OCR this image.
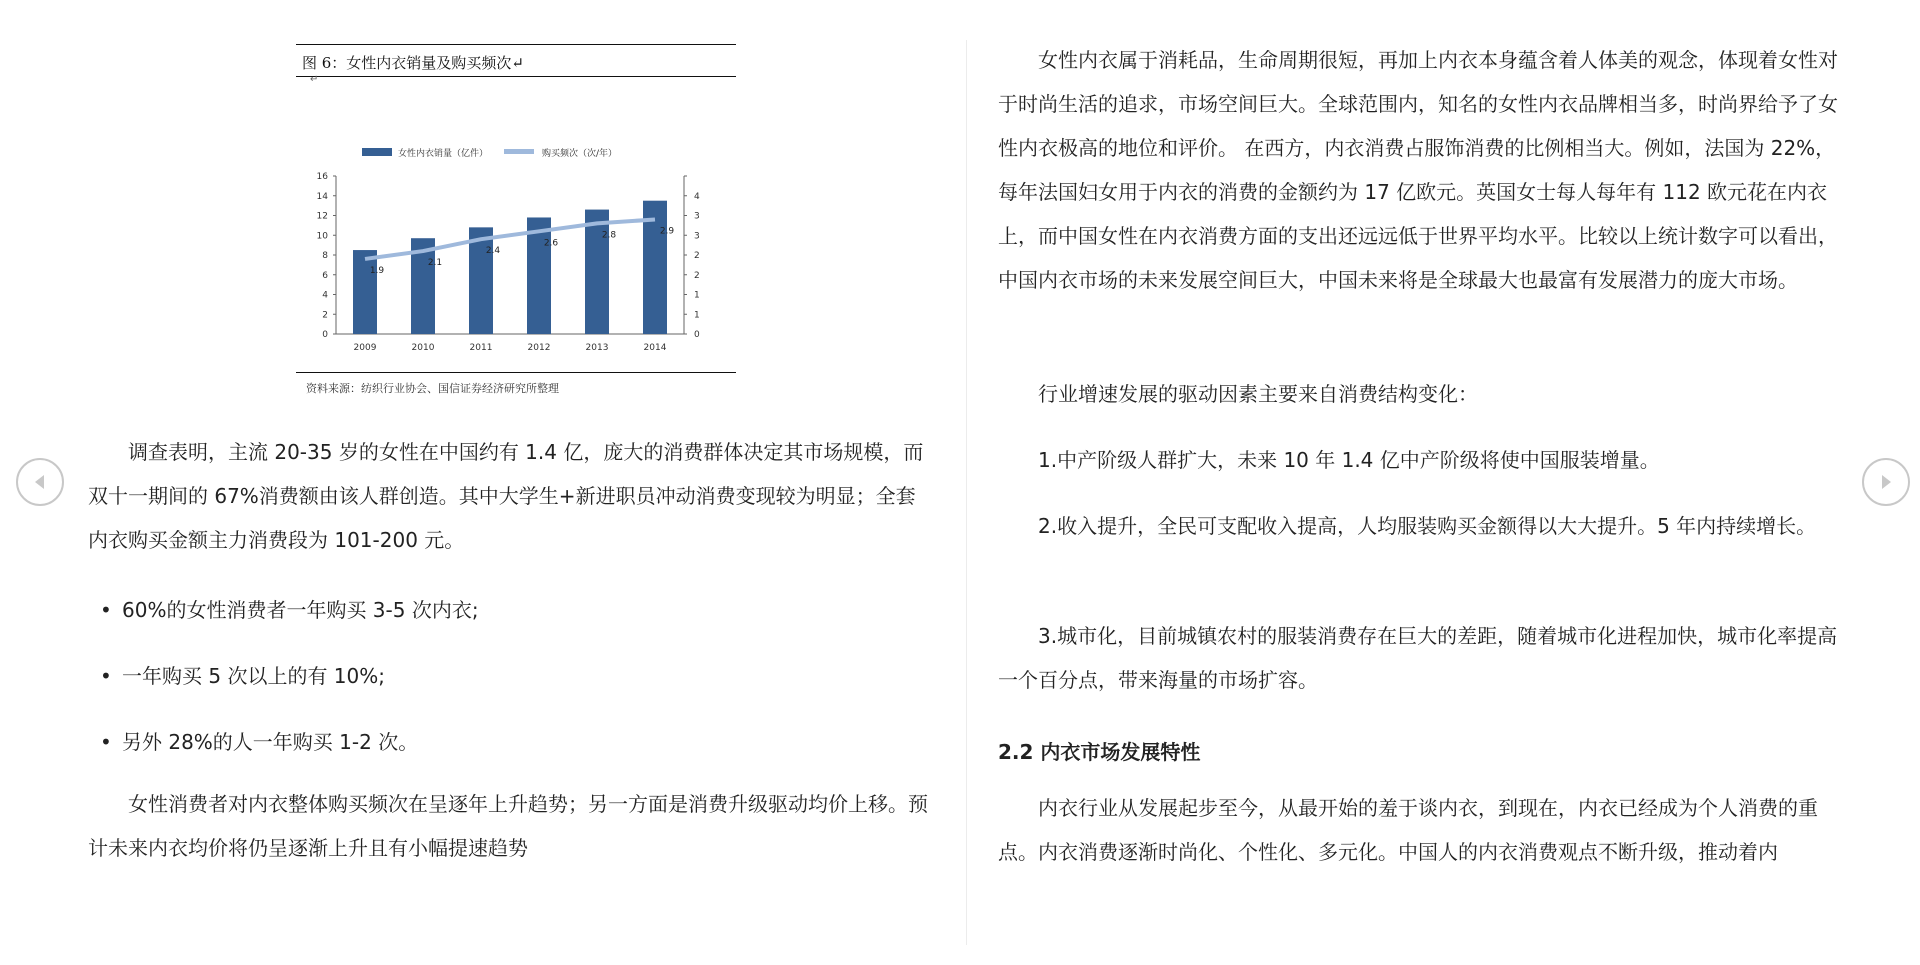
图 6：女性内衣销量及购买频次↵
↵
女性内衣销量（亿件）	购买频次（次/年）
0
2
4
6
8
10
12
14
16
0
1
1
2
2
3
3
4
2009	2010	2011	2012	2013	2014
1.9
2.1
2.4
2.6
2.8	2.9
资料来源：纺织行业协会、国信证券经济研究所整理

调查表明，主流 20-35 岁的女性在中国约有 1.4 亿，庞大的消费群体决定其市场规模，而双十一期间的 67%消费额由该人群创造。其中大学生+新进职员冲动消费变现较为明显；全套内衣购买金额主力消费段为 101-200 元。

• 60%的女性消费者一年购买 3-5 次内衣;
• 一年购买 5 次以上的有 10%;
• 另外 28%的人一年购买 1-2 次。

女性消费者对内衣整体购买频次在呈逐年上升趋势；另一方面是消费升级驱动均价上移。预计未来内衣均价将仍呈逐渐上升且有小幅提速趋势

女性内衣属于消耗品，生命周期很短，再加上内衣本身蕴含着人体美的观念，体现着女性对于时尚生活的追求，市场空间巨大。全球范围内，知名的女性内衣品牌相当多，时尚界给予了女性内衣极高的地位和评价。 在西方，内衣消费占服饰消费的比例相当大。例如，法国为 22%，每年法国妇女用于内衣的消费的金额约为 17 亿欧元。英国女士每人每年有 112 欧元花在内衣上，而中国女性在内衣消费方面的支出还远远低于世界平均水平。比较以上统计数字可以看出，中国内衣市场的未来发展空间巨大，中国未来将是全球最大也最富有发展潜力的庞大市场。

行业增速发展的驱动因素主要来自消费结构变化：

1.中产阶级人群扩大，未来 10 年 1.4 亿中产阶级将使中国服装增量。

2.收入提升，全民可支配收入提高，人均服装购买金额得以大大提升。5 年内持续增长。

3.城市化，目前城镇农村的服装消费存在巨大的差距，随着城市化进程加快，城市化率提高一个百分点，带来海量的市场扩容。

2.2 内衣市场发展特性

内衣行业从发展起步至今，从最开始的羞于谈内衣，到现在，内衣已经成为个人消费的重点。内衣消费逐渐时尚化、个性化、多元化。中国人的内衣消费观点不断升级，推动着内
